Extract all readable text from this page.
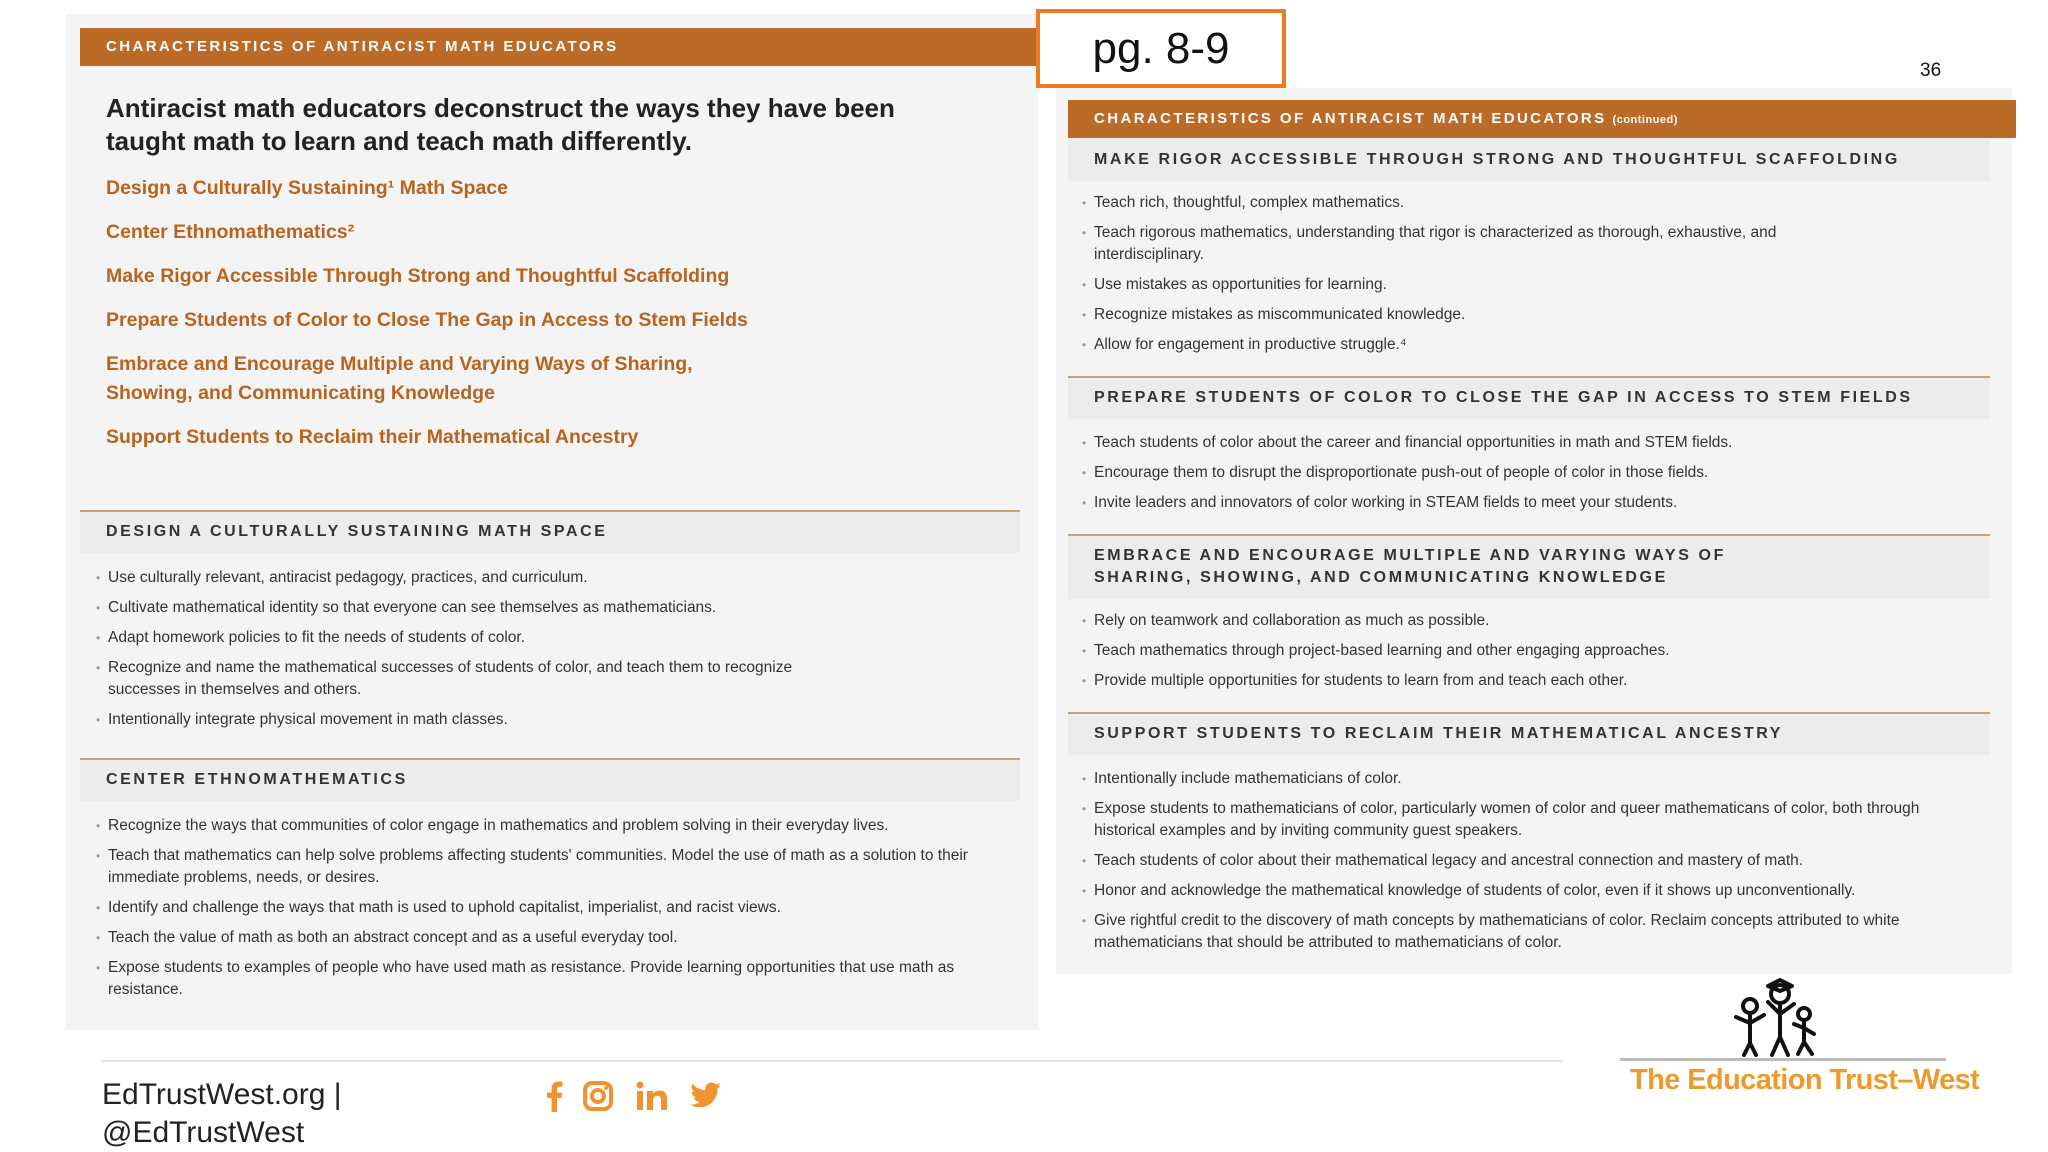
CHARACTERISTICS OF ANTIRACIST MATH EDUCATORS
Antiracist math educators deconstruct the ways they have been
taught math to learn and teach math differently.
Design a Culturally Sustaining¹ Math Space
Center Ethnomathematics²
Make Rigor Accessible Through Strong and Thoughtful Scaffolding
Prepare Students of Color to Close The Gap in Access to Stem Fields
Embrace and Encourage Multiple and Varying Ways of Sharing,
Showing, and Communicating Knowledge
Support Students to Reclaim their Mathematical Ancestry
DESIGN A CULTURALLY SUSTAINING MATH SPACE
• Use culturally relevant, antiracist pedagogy, practices, and curriculum.
• Cultivate mathematical identity so that everyone can see themselves as mathematicians.
• Adapt homework policies to fit the needs of students of color.
• Recognize and name the mathematical successes of students of color, and teach them to recognize successes in themselves and others.
• Intentionally integrate physical movement in math classes.
CENTER ETHNOMATHEMATICS
• Recognize the ways that communities of color engage in mathematics and problem solving in their everyday lives.
• Teach that mathematics can help solve problems affecting students' communities. Model the use of math as a solution to their immediate problems, needs, or desires.
• Identify and challenge the ways that math is used to uphold capitalist, imperialist, and racist views.
• Teach the value of math as both an abstract concept and as a useful everyday tool.
• Expose students to examples of people who have used math as resistance. Provide learning opportunities that use math as resistance.
CHARACTERISTICS OF ANTIRACIST MATH EDUCATORS (continued)
MAKE RIGOR ACCESSIBLE THROUGH STRONG AND THOUGHTFUL SCAFFOLDING
• Teach rich, thoughtful, complex mathematics.
• Teach rigorous mathematics, understanding that rigor is characterized as thorough, exhaustive, and interdisciplinary.
• Use mistakes as opportunities for learning.
• Recognize mistakes as miscommunicated knowledge.
• Allow for engagement in productive struggle.⁴
PREPARE STUDENTS OF COLOR TO CLOSE THE GAP IN ACCESS TO STEM FIELDS
• Teach students of color about the career and financial opportunities in math and STEM fields.
• Encourage them to disrupt the disproportionate push-out of people of color in those fields.
• Invite leaders and innovators of color working in STEAM fields to meet your students.
EMBRACE AND ENCOURAGE MULTIPLE AND VARYING WAYS OF SHARING, SHOWING, AND COMMUNICATING KNOWLEDGE
• Rely on teamwork and collaboration as much as possible.
• Teach mathematics through project-based learning and other engaging approaches.
• Provide multiple opportunities for students to learn from and teach each other.
SUPPORT STUDENTS TO RECLAIM THEIR MATHEMATICAL ANCESTRY
• Intentionally include mathematicians of color.
• Expose students to mathematicians of color, particularly women of color and queer mathematicans of color, both through historical examples and by inviting community guest speakers.
• Teach students of color about their mathematical legacy and ancestral connection and mastery of math.
• Honor and acknowledge the mathematical knowledge of students of color, even if it shows up unconventionally.
• Give rightful credit to the discovery of math concepts by mathematicians of color. Reclaim concepts attributed to white mathematicians that should be attributed to mathematicians of color.
pg. 8-9	36
EdTrustWest.org |
@EdTrustWest
The Education Trust–West
